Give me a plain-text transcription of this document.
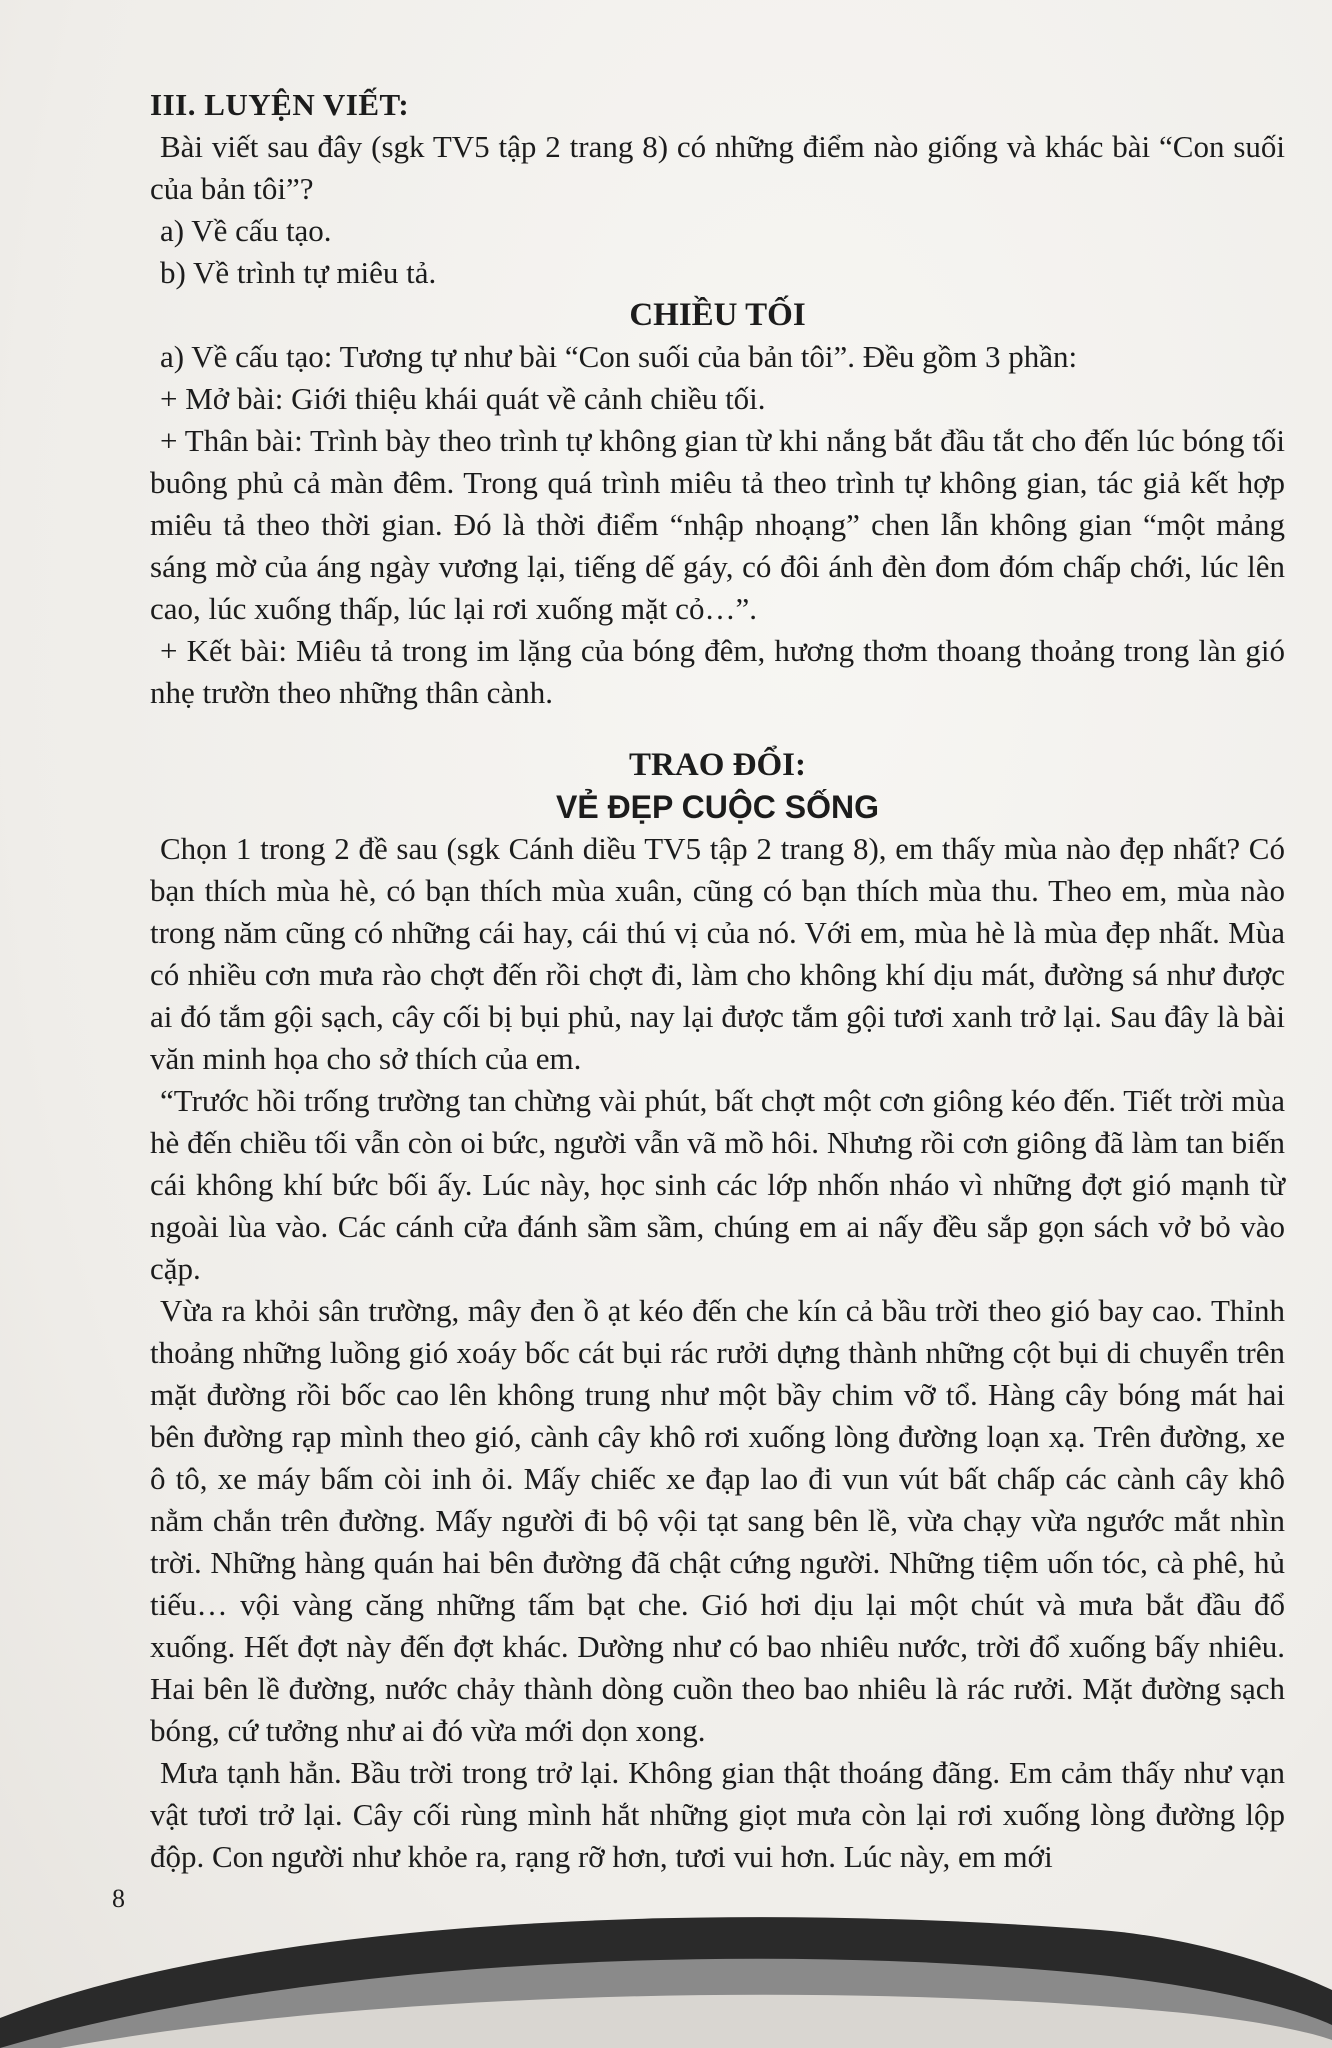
III. LUYỆN VIẾT:

Bài viết sau đây (sgk TV5 tập 2 trang 8) có những điểm nào giống và khác bài “Con suối của bản tôi”?

a) Về cấu tạo.

b) Về trình tự miêu tả.

CHIỀU TỐI

a) Về cấu tạo: Tương tự như bài “Con suối của bản tôi”. Đều gồm 3 phần:

+ Mở bài: Giới thiệu khái quát về cảnh chiều tối.

+ Thân bài: Trình bày theo trình tự không gian từ khi nắng bắt đầu tắt cho đến lúc bóng tối buông phủ cả màn đêm. Trong quá trình miêu tả theo trình tự không gian, tác giả kết hợp miêu tả theo thời gian. Đó là thời điểm “nhập nhoạng” chen lẫn không gian “một mảng sáng mờ của áng ngày vương lại, tiếng dế gáy, có đôi ánh đèn đom đóm chấp chới, lúc lên cao, lúc xuống thấp, lúc lại rơi xuống mặt cỏ…”.

+ Kết bài: Miêu tả trong im lặng của bóng đêm, hương thơm thoang thoảng trong làn gió nhẹ trườn theo những thân cành.

TRAO ĐỔI:

VẺ ĐẸP CUỘC SỐNG

Chọn 1 trong 2 đề sau (sgk Cánh diều TV5 tập 2 trang 8), em thấy mùa nào đẹp nhất? Có bạn thích mùa hè, có bạn thích mùa xuân, cũng có bạn thích mùa thu. Theo em, mùa nào trong năm cũng có những cái hay, cái thú vị của nó. Với em, mùa hè là mùa đẹp nhất. Mùa có nhiều cơn mưa rào chợt đến rồi chợt đi, làm cho không khí dịu mát, đường sá như được ai đó tắm gội sạch, cây cối bị bụi phủ, nay lại được tắm gội tươi xanh trở lại. Sau đây là bài văn minh họa cho sở thích của em.

“Trước hồi trống trường tan chừng vài phút, bất chợt một cơn giông kéo đến. Tiết trời mùa hè đến chiều tối vẫn còn oi bức, người vẫn vã mồ hôi. Nhưng rồi cơn giông đã làm tan biến cái không khí bức bối ấy. Lúc này, học sinh các lớp nhốn nháo vì những đợt gió mạnh từ ngoài lùa vào. Các cánh cửa đánh sầm sầm, chúng em ai nấy đều sắp gọn sách vở bỏ vào cặp.

Vừa ra khỏi sân trường, mây đen ồ ạt kéo đến che kín cả bầu trời theo gió bay cao. Thỉnh thoảng những luồng gió xoáy bốc cát bụi rác rưởi dựng thành những cột bụi di chuyển trên mặt đường rồi bốc cao lên không trung như một bầy chim vỡ tổ. Hàng cây bóng mát hai bên đường rạp mình theo gió, cành cây khô rơi xuống lòng đường loạn xạ. Trên đường, xe ô tô, xe máy bấm còi inh ỏi. Mấy chiếc xe đạp lao đi vun vút bất chấp các cành cây khô nằm chắn trên đường. Mấy người đi bộ vội tạt sang bên lề, vừa chạy vừa ngước mắt nhìn trời. Những hàng quán hai bên đường đã chật cứng người. Những tiệm uốn tóc, cà phê, hủ tiếu… vội vàng căng những tấm bạt che. Gió hơi dịu lại một chút và mưa bắt đầu đổ xuống. Hết đợt này đến đợt khác. Dường như có bao nhiêu nước, trời đổ xuống bấy nhiêu. Hai bên lề đường, nước chảy thành dòng cuồn theo bao nhiêu là rác rưởi. Mặt đường sạch bóng, cứ tưởng như ai đó vừa mới dọn xong.

Mưa tạnh hẳn. Bầu trời trong trở lại. Không gian thật thoáng đãng. Em cảm thấy như vạn vật tươi trở lại. Cây cối rùng mình hắt những giọt mưa còn lại rơi xuống lòng đường lộp độp. Con người như khỏe ra, rạng rỡ hơn, tươi vui hơn. Lúc này, em mới

8
